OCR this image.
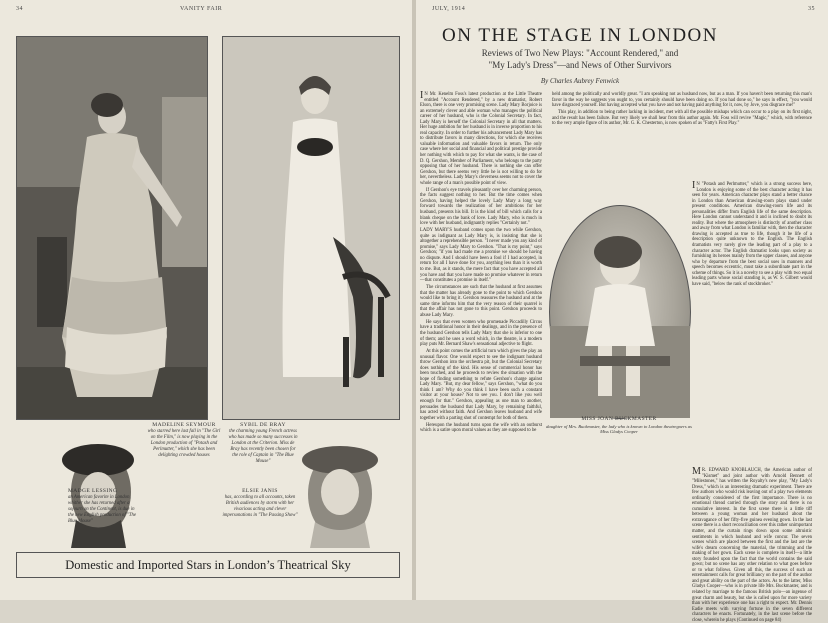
34	VANITY FAIR
MADELINE SEYMOUR
who starred here last fall in "The Girl on the Film," is now playing in the London production of "Potash and Perlmutter," which she has been delighting crowded houses
SYBIL DE BRAY
the charming young French actress who has made so many successes in London at the Criterion. Miss de Bray has recently been chosen for the role of Captain in "The Blue Mouse"
MADGE LESSING
an American favorite in London, whither she has returned after a sojourn on the Continent, is due in the new English production of "The Blue Mouse"
ELSIE JANIS
has, according to all accounts, taken British audiences by storm with her vivacious acting and clever impersonations in "The Passing Show"
Domestic and Imported Stars in London’s Theatrical Sky
JULY, 1914	35
ON THE STAGE IN LONDON
Reviews of Two New Plays: "Account Rendered," and
"My Lady's Dress"—and News of Other Survivors
By Charles Aubrey Fenwick

I N Mr. Kenelm Foss's latest production at the Little Theatre entitled "Account Rendered," by a new dramatist, Robert Elson, there is one very promising scene. Lady Mary Borjoice is an extremely clever and able woman who manages the political career of her husband, who is the Colonial Secretary. In fact, Lady Mary is herself the Colonial Secretary in all that matters. Her huge ambition for her husband is in inverse proportion to his real capacity. In order to further his advancement Lady Mary has to distribute favors in many directions, for which she receives valuable information and valuable favors in return. The only case where her social and financial and political prestige provide her nothing with which to pay for what she wants, is the case of D. Q. Gershon, Member of Parliament, who belongs to the party opposing that of her husband. There is nothing she can offer Gershon, but there seems very little he is not willing to do for her, nevertheless. Lady Mary's cleverness seems not to cover the whole range of a man's possible point of view.

If Gershon's eye travels pleasantly over her charming person, the facts suggest nothing to her. But the time comes when Gershon, having helped the lovely Lady Mary a long way forward towards the realization of her ambitions for her husband, presents his bill. It is the kind of bill which calls for a blank cheque on the bank of love. Lady Mary, who is much in love with her husband, indignantly replies "Certainly not."

LADY MARY'S husband comes upon the two while Gershon, quite as indignant as Lady Mary is, is insisting that she is altogether a reprehensible person. "I never made you any kind of promise," says Lady Mary to Gershon. "That is my point," says Gershon; "if you had made me a promise we should be having no dispute. And I should have been a fool if I had accepted, in return for all I have done for you, anything less than it is worth to me. But, as it stands, the mere fact that you have accepted all you have and that you have made no promise whatever in return—that constitutes a promise in itself."

The circumstances are such that the husband at first assumes that the matter has already gone to the point to which Gershon would like to bring it. Gershon reassures the husband and at the same time informs him that the very reason of their quarrel is that the affair has not gone to this point. Gershon proceeds to abuse Lady Mary.

He says that even women who promenade Piccadilly Circus have a traditional honor in their dealings, and in the presence of the husband Gershon tells Lady Mary that she is inferior to one of them; and he uses a word which, in the theatre, is a modern play puts Mr. Bernard Shaw's sensational adjective to flight.

At this point comes the artificial turn which gives the play an unusual flavor. One would expect to see the indignant husband throw Gershon into the orchestra pit, but the Colonial Secretary does nothing of the kind. His sense of commercial honor has been touched, and he proceeds to review the situation with the hope of finding something to refute Gershon's charge against Lady Mary. "But, my dear fellow," says Gershon, "what do you think I am? Why do you think I have been such a constant visitor at your house? Not to see you. I don't like you well enough for that." Gershon, appealing as one man to another, persuades the husband that Lady Mary, by remaining faithful, has acted without faith. And Gershon leaves husband and wife together with a parting shot of contempt for both of them.

Hereupon the husband turns upon the wife with an outburst which is a satire upon moral values as they are supposed to be

held among the politically and worldly great. "I am speaking not as husband now, but as a man. If you haven't been returning this man's favor in the way he suggests you ought to, you certainly should have been doing so. If you had done so," he says in effect, "you would have disgraced yourself. But having accepted what you have and not having paid anything for it, now, by Jove, you disgrace me!"

This play, in addition to being rather lacking in incident, met with all the possible mishaps which can occur to a play on its first night, and the result has been failure. But very likely we shall hear from this author again. Mr. Foss will revive "Magic," which, with reference to the very ample figure of its author, Mr. G. K. Chesterton, is now spoken of as "Fatty's First Play."

I N "Potash and Perlmutter," which is a strong success here, London is enjoying some of the best character acting it has seen for years. American character plays stand a better chance in London than American drawing-room plays stand under present conditions. American drawing-room life and its personalities differ from English life of the same description. Here London cannot understand it and is inclined to doubt its reality. But where the atmosphere is distinctly of another class and away from what London is familiar with, then the character drawing is accepted as true to life, though it be life of a description quite unknown to the English. The English dramatists very rarely give the leading part of a play to a character actor. The English dramatist looks upon society as furnishing its heroes mainly from the upper classes, and anyone who by departure from the best social uses in manners and speech becomes eccentric, must take a subordinate part in the scheme of things. So it is a novelty to see a play with two equal leading parts whose social standing is, as W. S. Gilbert would have said, "below the rank of stockbroker."

M R. EDWARD KNOBLAUCH, the American author of "Kismet" and joint author with Arnold Bennett of "Milestones," has written the Royalty's new play, "My Lady's Dress," which is an interesting dramatic experiment. There are few authors who would risk leaving out of a play two elements ordinarily considered of the first importance. There is no emotional thread carried through the story and there is no cumulative interest. In the first scene there is a little tiff between a young woman and her husband about the extravagance of her fifty-five guinea evening gown. In the last scene there is a short reconciliation over this rather unimportant matter, and the curtain rings down upon some altruistic sentiments in which husband and wife concur. The seven scenes which are placed between the first and the last are the wife's dream concerning the material, the trimming and the making of her gown. Each scene is complete in itself—a little story founded upon the fact that the world contains the said gown; but no scene has any other relation to what goes before or to what follows. Given all this, the success of such an entertainment calls for great brilliancy on the part of the author and great ability on the part of the actors. As to the latter, Miss Gladys Cooper—who is in private life Mrs. Buckmaster, and is related by marriage to the famous British polo—an ingenue of great charm and beauty, but she is called upon for more variety than with her experience one has a right to expect. Mr. Dennis Eadie meets with varying fortune in the seven different characters he enacts. Fortunately, in the last scene before the close, wherein he plays (Continued on page 84)

MISS JOAN BUCKMASTER
daughter of Mrs. Buckmaster, the lady who is known to London theatregoers as Miss Gladys Cooper
